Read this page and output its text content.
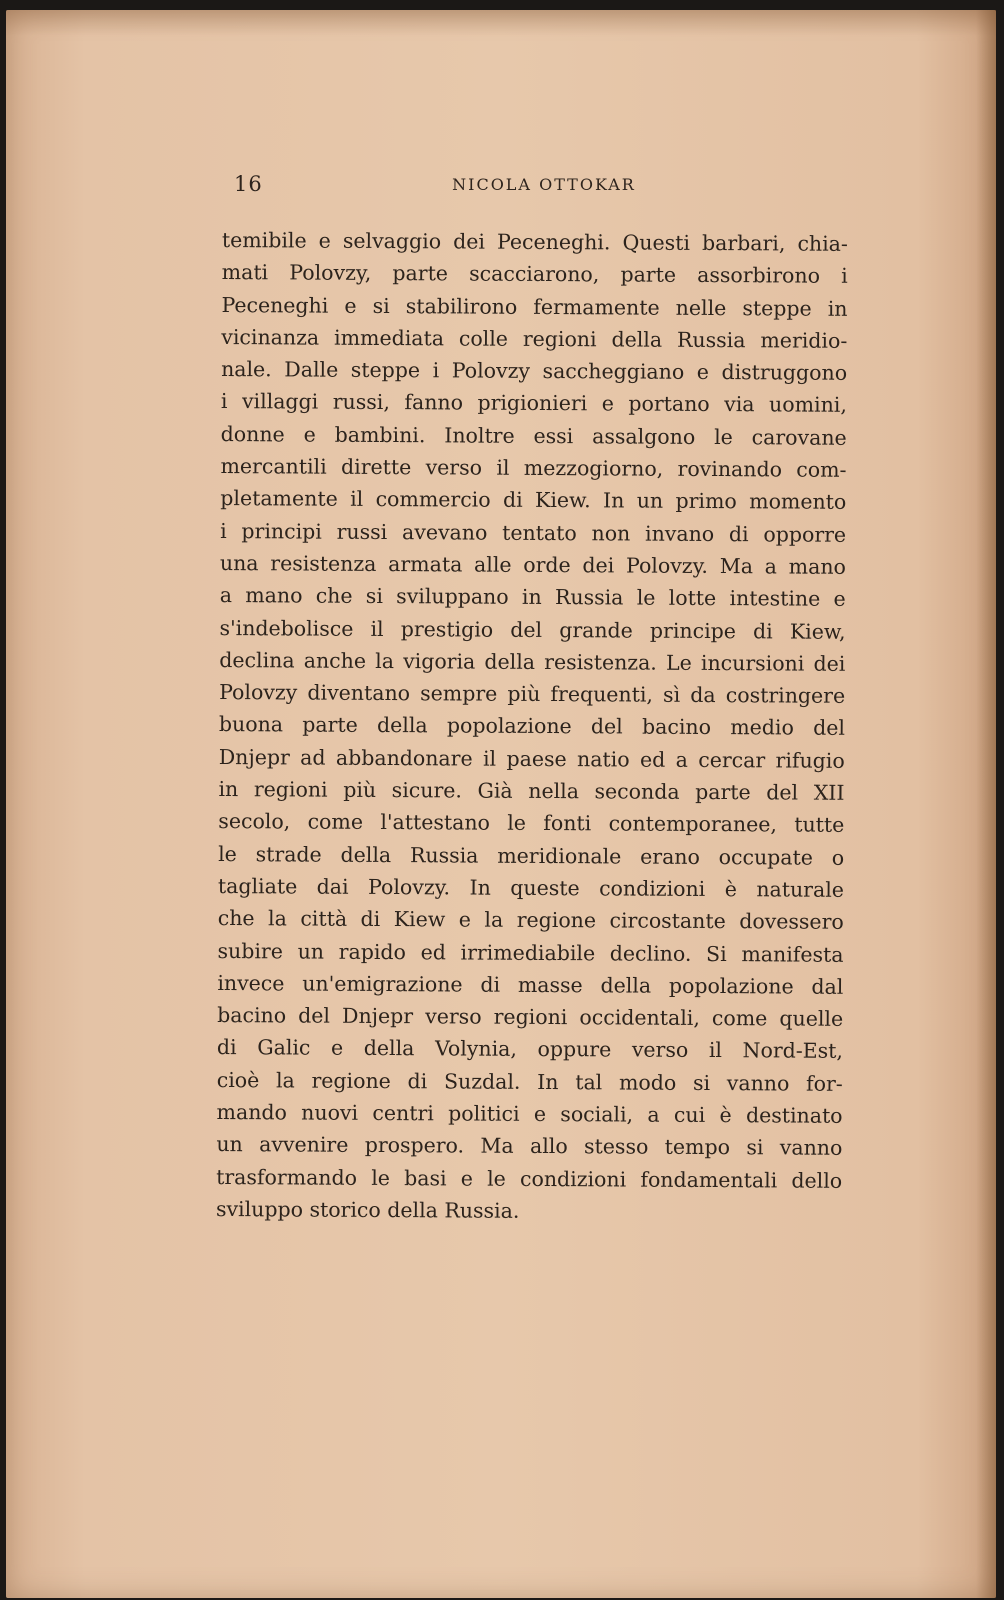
16	NICOLA OTTOKAR
temibile e selvaggio dei Peceneghi. Questi barbari, chia-
mati Polovzy, parte scacciarono, parte assorbirono i
Peceneghi e si stabilirono fermamente nelle steppe in
vicinanza immediata colle regioni della Russia meridio-
nale. Dalle steppe i Polovzy saccheggiano e distruggono
i villaggi russi, fanno prigionieri e portano via uomini,
donne e bambini. Inoltre essi assalgono le carovane
mercantili dirette verso il mezzogiorno, rovinando com-
pletamente il commercio di Kiew. In un primo momento
i principi russi avevano tentato non invano di opporre
una resistenza armata alle orde dei Polovzy. Ma a mano
a mano che si sviluppano in Russia le lotte intestine e
s'indebolisce il prestigio del grande principe di Kiew,
declina anche la vigoria della resistenza. Le incursioni dei
Polovzy diventano sempre più frequenti, sì da costringere
buona parte della popolazione del bacino medio del
Dnjepr ad abbandonare il paese natio ed a cercar rifugio
in regioni più sicure. Già nella seconda parte del XII
secolo, come l'attestano le fonti contemporanee, tutte
le strade della Russia meridionale erano occupate o
tagliate dai Polovzy. In queste condizioni è naturale
che la città di Kiew e la regione circostante dovessero
subire un rapido ed irrimediabile declino. Si manifesta
invece un'emigrazione di masse della popolazione dal
bacino del Dnjepr verso regioni occidentali, come quelle
di Galic e della Volynia, oppure verso il Nord-Est,
cioè la regione di Suzdal. In tal modo si vanno for-
mando nuovi centri politici e sociali, a cui è destinato
un avvenire prospero. Ma allo stesso tempo si vanno
trasformando le basi e le condizioni fondamentali dello
sviluppo storico della Russia.
